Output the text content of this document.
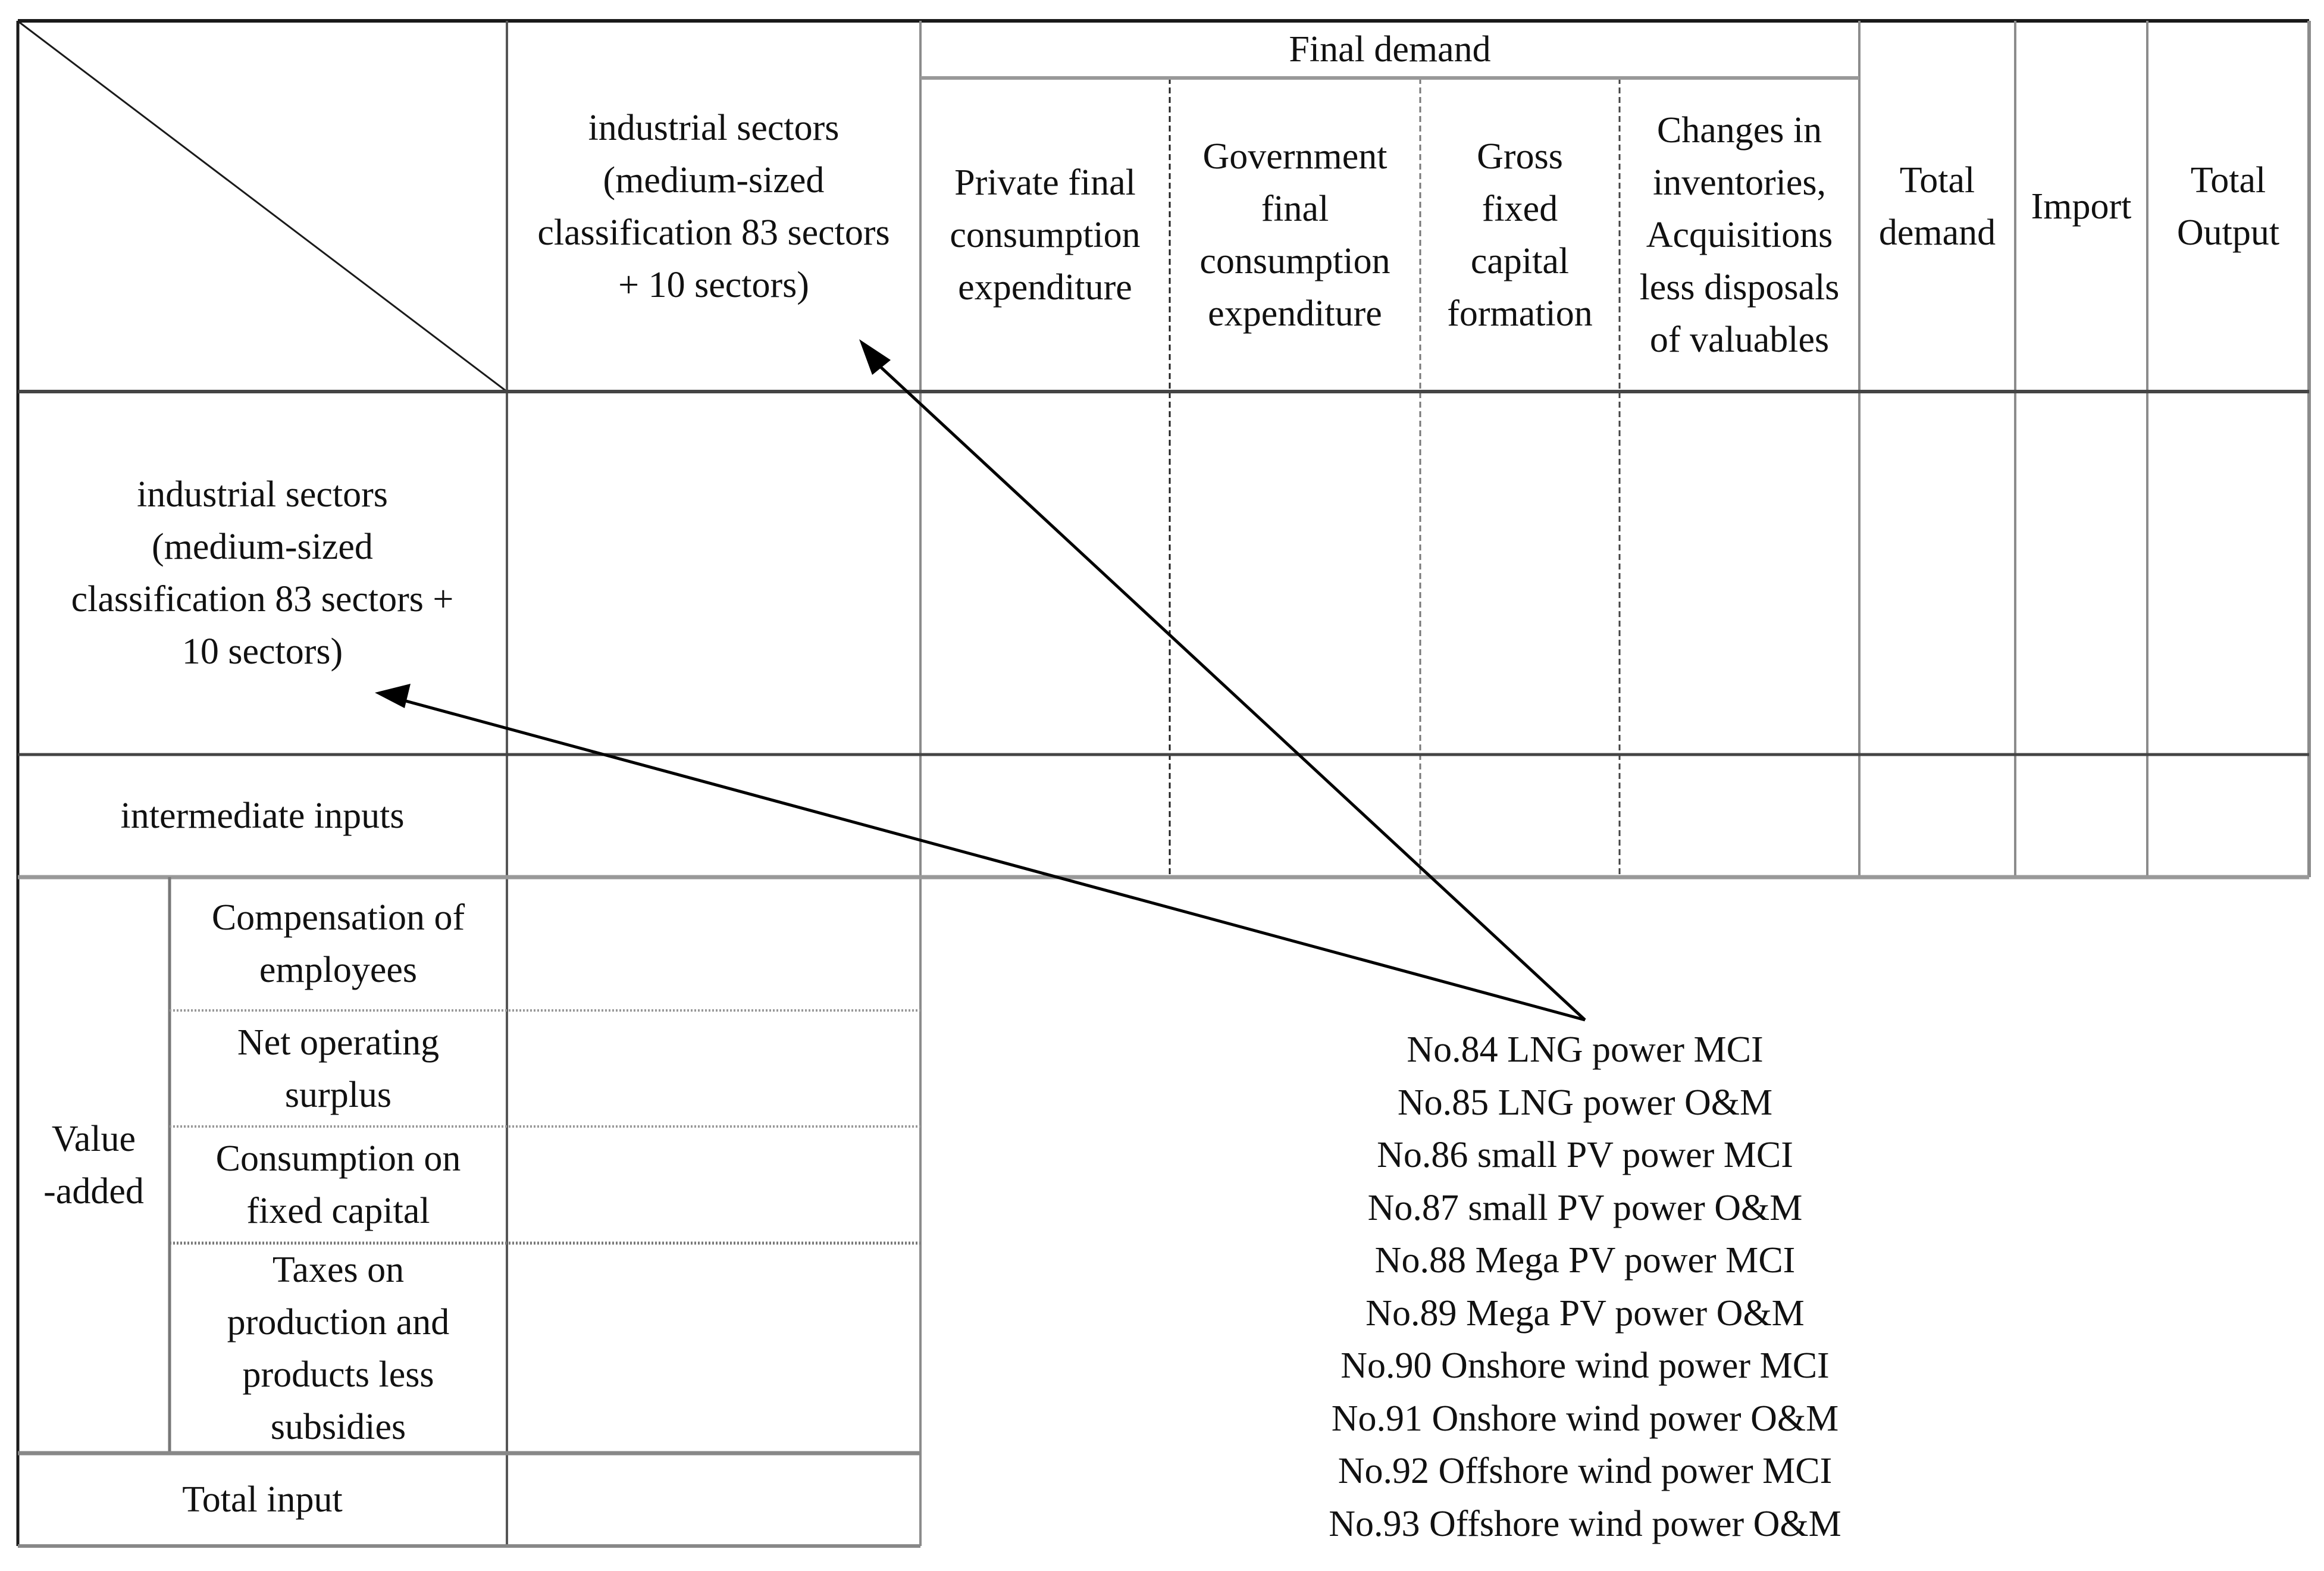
industrial sectors (medium-sized classification 83 sectors + 10 sectors)
Final demand
Private final consumption expenditure
Government final consumption expenditure
Gross fixed capital formation
Changes in inventories, Acquisitions less disposals of valuables
Total demand
Import
Total Output
industrial sectors (medium-sized classification 83 sectors + 10 sectors)
intermediate inputs
Value -added
Compensation of employees
Net operating surplus
Consumption on fixed capital
Taxes on production and products less subsidies
Total input
No.84 LNG power MCI
No.85 LNG power O&M
No.86 small PV power MCI
No.87 small PV power O&M
No.88 Mega PV power MCI
No.89 Mega PV power O&M
No.90 Onshore wind power MCI
No.91 Onshore wind power O&M
No.92 Offshore wind power MCI
No.93 Offshore wind power O&M
